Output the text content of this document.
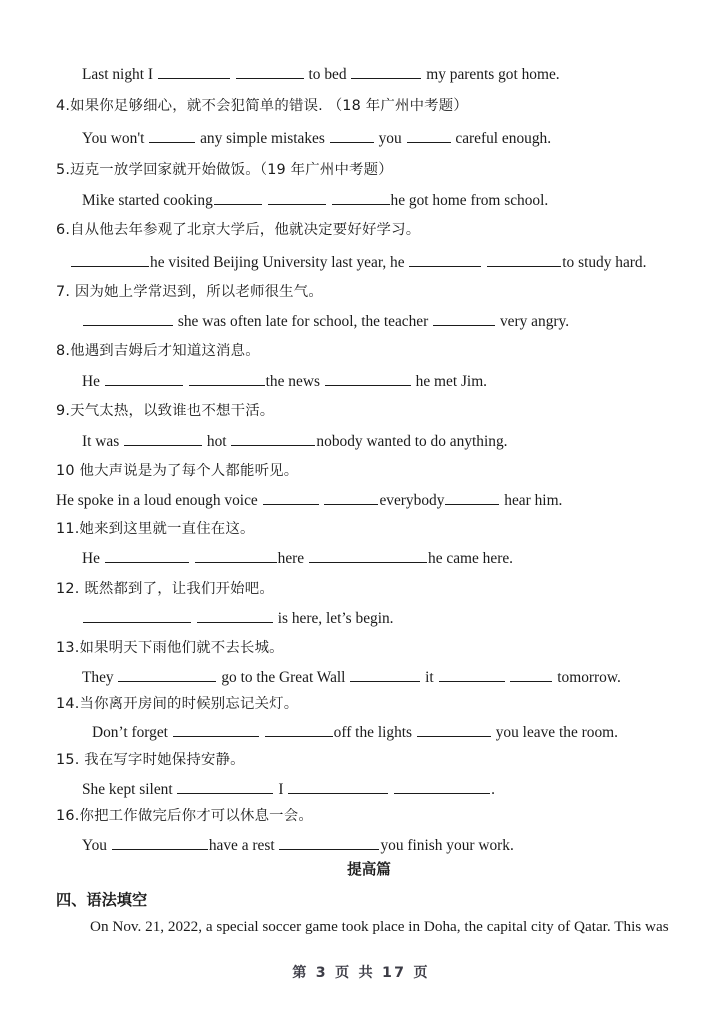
Last night I	to bed	my parents got home.
4.如果你足够细心，就不会犯简单的错误. （18 年广州中考题）
You won't	any simple mistakes	you	careful enough.
5.迈克一放学回家就开始做饭。（19 年广州中考题）
Mike started cooking	he got home from school.
6.自从他去年参观了北京大学后，他就决定要好好学习。
he visited Beijing University last year, he	to study hard.
7. 因为她上学常迟到，所以老师很生气。
she was often late for school, the teacher	very angry.
8.他遇到吉姆后才知道这消息。
He	the news	he met Jim.
9.天气太热，以致谁也不想干活。
It was	hot	nobody wanted to do anything.
10 他大声说是为了每个人都能听见。
He spoke in a loud enough voice	everybody	hear him.
11.她来到这里就一直住在这。
He	here	he came here.
12. 既然都到了，让我们开始吧。
is here, let’s begin.
13.如果明天下雨他们就不去长城。
They	go to the Great Wall	it	tomorrow.
14.当你离开房间的时候别忘记关灯。
Don’t forget	off the lights	you leave the room.
15. 我在写字时她保持安静。
She kept silent	I	.
16.你把工作做完后你才可以休息一会。
You	have a rest	you finish your work.
提高篇
四、语法填空
On Nov. 21, 2022, a special soccer game took place in Doha, the capital city of Qatar. This was
第 3 页 共 17 页
